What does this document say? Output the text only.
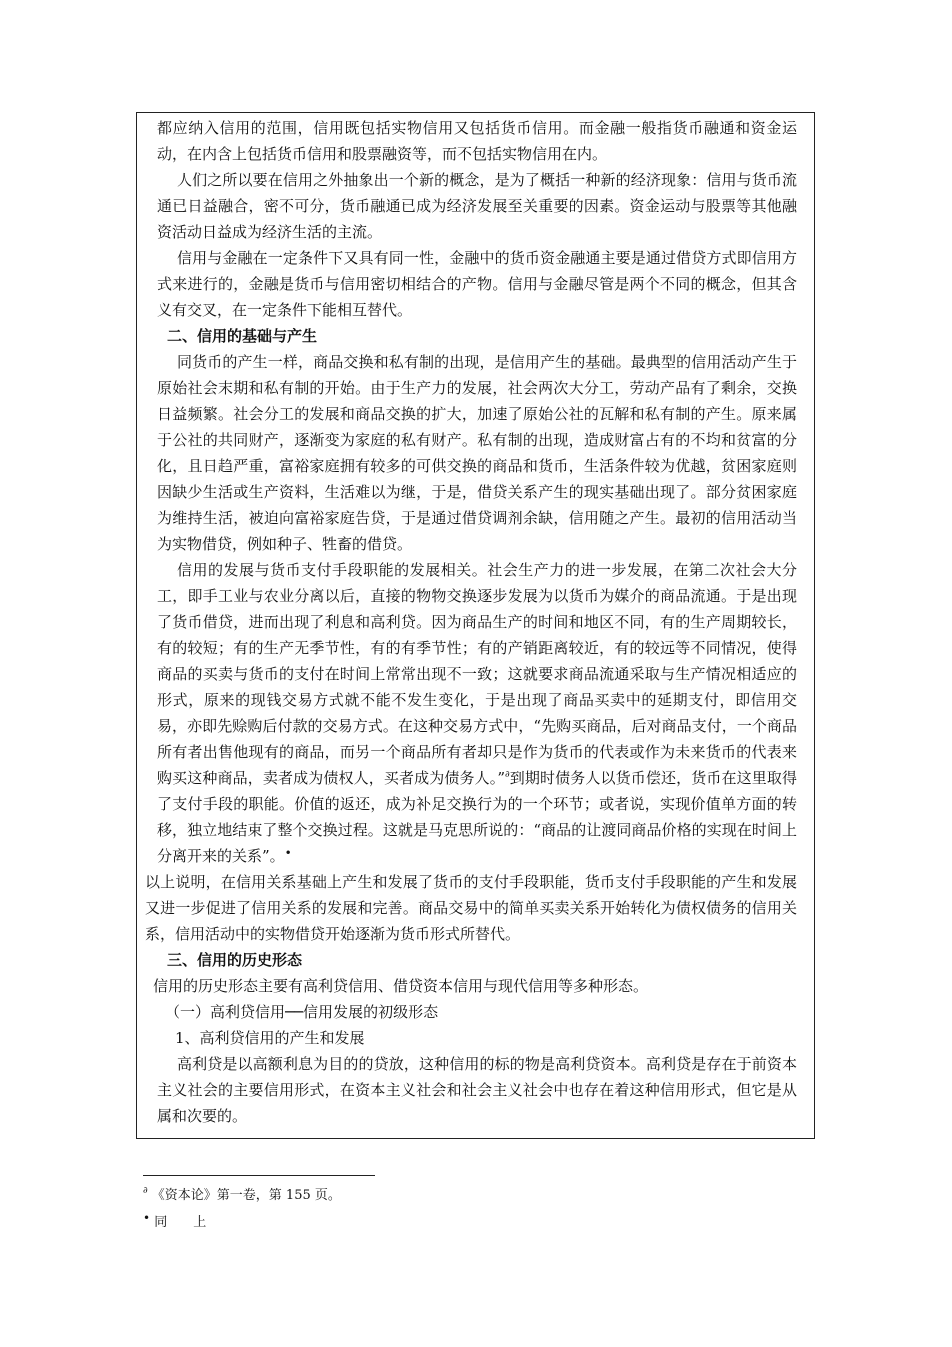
都应纳入信用的范围，信用既包括实物信用又包括货币信用。而金融一般指货币融通和资金运动，在内含上包括货币信用和股票融资等，而不包括实物信用在内。

人们之所以要在信用之外抽象出一个新的概念，是为了概括一种新的经济现象：信用与货币流通已日益融合，密不可分，货币融通已成为经济发展至关重要的因素。资金运动与股票等其他融资活动日益成为经济生活的主流。

信用与金融在一定条件下又具有同一性，金融中的货币资金融通主要是通过借贷方式即信用方式来进行的，金融是货币与信用密切相结合的产物。信用与金融尽管是两个不同的概念，但其含义有交叉，在一定条件下能相互替代。

二、信用的基础与产生

同货币的产生一样，商品交换和私有制的出现，是信用产生的基础。最典型的信用活动产生于原始社会末期和私有制的开始。由于生产力的发展，社会两次大分工，劳动产品有了剩余，交换日益频繁。社会分工的发展和商品交换的扩大，加速了原始公社的瓦解和私有制的产生。原来属于公社的共同财产，逐渐变为家庭的私有财产。私有制的出现，造成财富占有的不均和贫富的分化，且日趋严重，富裕家庭拥有较多的可供交换的商品和货币，生活条件较为优越，贫困家庭则因缺少生活或生产资料，生活难以为继，于是，借贷关系产生的现实基础出现了。部分贫困家庭为维持生活，被迫向富裕家庭告贷，于是通过借贷调剂余缺，信用随之产生。最初的信用活动当为实物借贷，例如种子、牲畜的借贷。

信用的发展与货币支付手段职能的发展相关。社会生产力的进一步发展，在第二次社会大分工，即手工业与农业分离以后，直接的物物交换逐步发展为以货币为媒介的商品流通。于是出现了货币借贷，进而出现了利息和高利贷。因为商品生产的时间和地区不同，有的生产周期较长，有的较短；有的生产无季节性，有的有季节性；有的产销距离较近，有的较远等不同情况，使得商品的买卖与货币的支付在时间上常常出现不一致；这就要求商品流通采取与生产情况相适应的形式，原来的现钱交易方式就不能不发生变化，于是出现了商品买卖中的延期支付，即信用交易，亦即先赊购后付款的交易方式。在这种交易方式中，“先购买商品，后对商品支付，一个商品所有者出售他现有的商品，而另一个商品所有者却只是作为货币的代表或作为未来货币的代表来购买这种商品，卖者成为债权人，买者成为债务人。”∂到期时债务人以货币偿还，货币在这里取得了支付手段的职能。价值的返还，成为补足交换行为的一个环节；或者说，实现价值单方面的转移，独立地结束了整个交换过程。这就是马克思所说的：“商品的让渡同商品价格的实现在时间上分离开来的关系”。•

以上说明，在信用关系基础上产生和发展了货币的支付手段职能，货币支付手段职能的产生和发展又进一步促进了信用关系的发展和完善。商品交易中的简单买卖关系开始转化为债权债务的信用关系，信用活动中的实物借贷开始逐渐为货币形式所替代。

三、信用的历史形态

信用的历史形态主要有高利贷信用、借贷资本信用与现代信用等多种形态。

（一）高利贷信用──信用发展的初级形态

1、高利贷信用的产生和发展

高利贷是以高额利息为目的的贷放，这种信用的标的物是高利贷资本。高利贷是存在于前资本主义社会的主要信用形式，在资本主义社会和社会主义社会中也存在着这种信用形式，但它是从属和次要的。

∂ 《资本论》第一卷，第 155 页。

• 同　　上
